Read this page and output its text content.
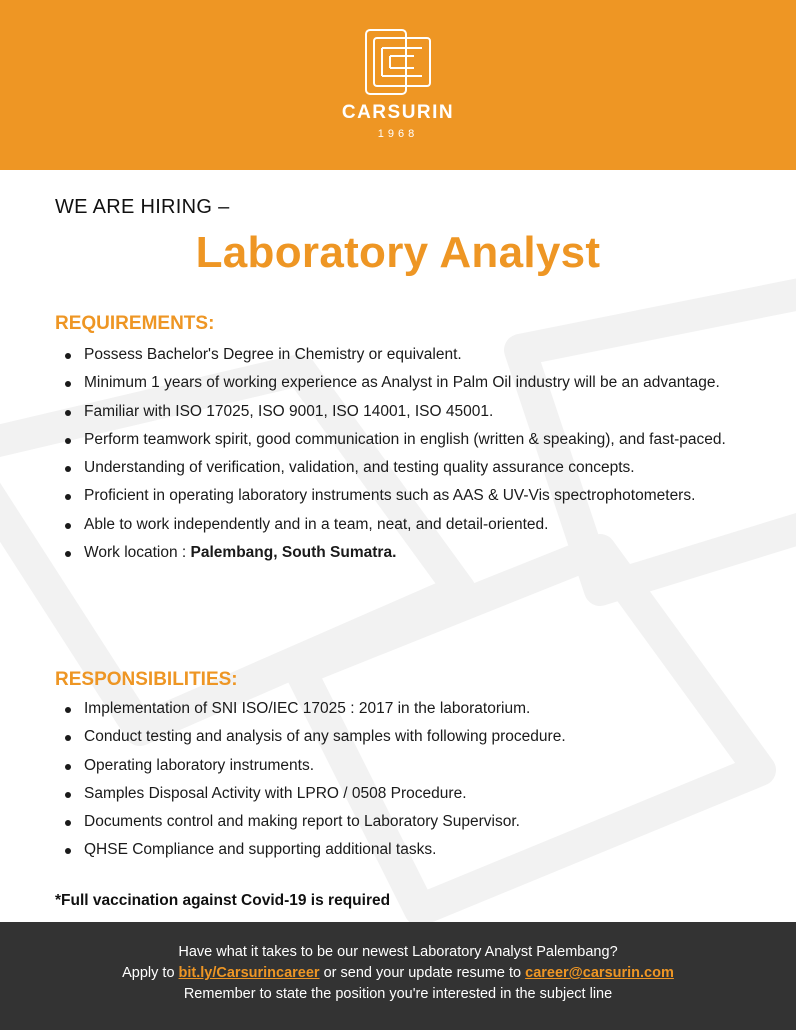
CARSURIN
1968
WE ARE HIRING –
Laboratory Analyst
REQUIREMENTS:
Possess Bachelor's Degree in Chemistry or equivalent.
Minimum 1 years of working experience as Analyst in Palm Oil industry will be an advantage.
Familiar with ISO 17025, ISO 9001, ISO 14001, ISO 45001.
Perform teamwork spirit, good communication in english (written & speaking), and fast-paced.
Understanding of verification, validation, and testing quality assurance concepts.
Proficient in operating laboratory instruments such as AAS & UV-Vis spectrophotometers.
Able to work independently and in a team, neat, and detail-oriented.
Work location : Palembang, South Sumatra.
RESPONSIBILITIES:
Implementation of SNI ISO/IEC 17025 : 2017 in the laboratorium.
Conduct testing and analysis of any samples with following procedure.
Operating laboratory instruments.
Samples Disposal Activity with LPRO / 0508 Procedure.
Documents control and making report to Laboratory Supervisor.
QHSE Compliance and supporting additional tasks.
*Full vaccination against Covid-19 is required
Have what it takes to be our newest Laboratory Analyst Palembang?
Apply to bit.ly/Carsurincareer or send your update resume to career@carsurin.com
Remember to state the position you're interested in the subject line
